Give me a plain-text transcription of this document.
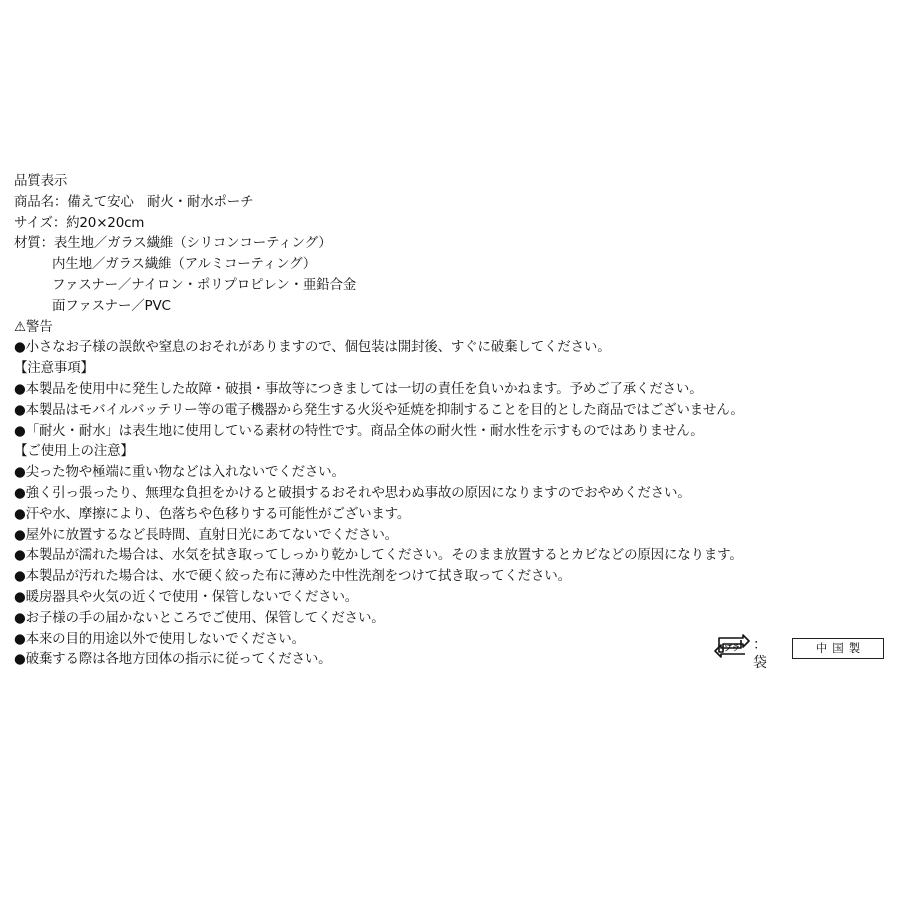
品質表示
商品名：備えて安心　耐火・耐水ポーチ
サイズ：約20×20cm
材質：表生地／ガラス繊維（シリコンコーティング）
内生地／ガラス繊維（アルミコーティング）
ファスナー／ナイロン・ポリプロピレン・亜鉛合金
面ファスナー／PVC
⚠警告
●小さなお子様の誤飲や窒息のおそれがありますので、個包装は開封後、すぐに破棄してください。
【注意事項】
●本製品を使用中に発生した故障・破損・事故等につきましては一切の責任を負いかねます。予めご了承ください。
●本製品はモバイルバッテリー等の電子機器から発生する火災や延焼を抑制することを目的とした商品ではございません。
●「耐火・耐水」は表生地に使用している素材の特性です。商品全体の耐火性・耐水性を示すものではありません。
【ご使用上の注意】
●尖った物や極端に重い物などは入れないでください。
●強く引っ張ったり、無理な負担をかけると破損するおそれや思わぬ事故の原因になりますのでおやめください。
●汗や水、摩擦により、色落ちや色移りする可能性がございます。
●屋外に放置するなど長時間、直射日光にあてないでください。
●本製品が濡れた場合は、水気を拭き取ってしっかり乾かしてください。そのまま放置するとカビなどの原因になります。
●本製品が汚れた場合は、水で硬く絞った布に薄めた中性洗剤をつけて拭き取ってください。
●暖房器具や火気の近くで使用・保管しないでください。
●お子様の手の届かないところでご使用、保管してください。
●本来の目的用途以外で使用しないでください。
●破棄する際は各地方団体の指示に従ってください。
プラ ：袋
中国製
